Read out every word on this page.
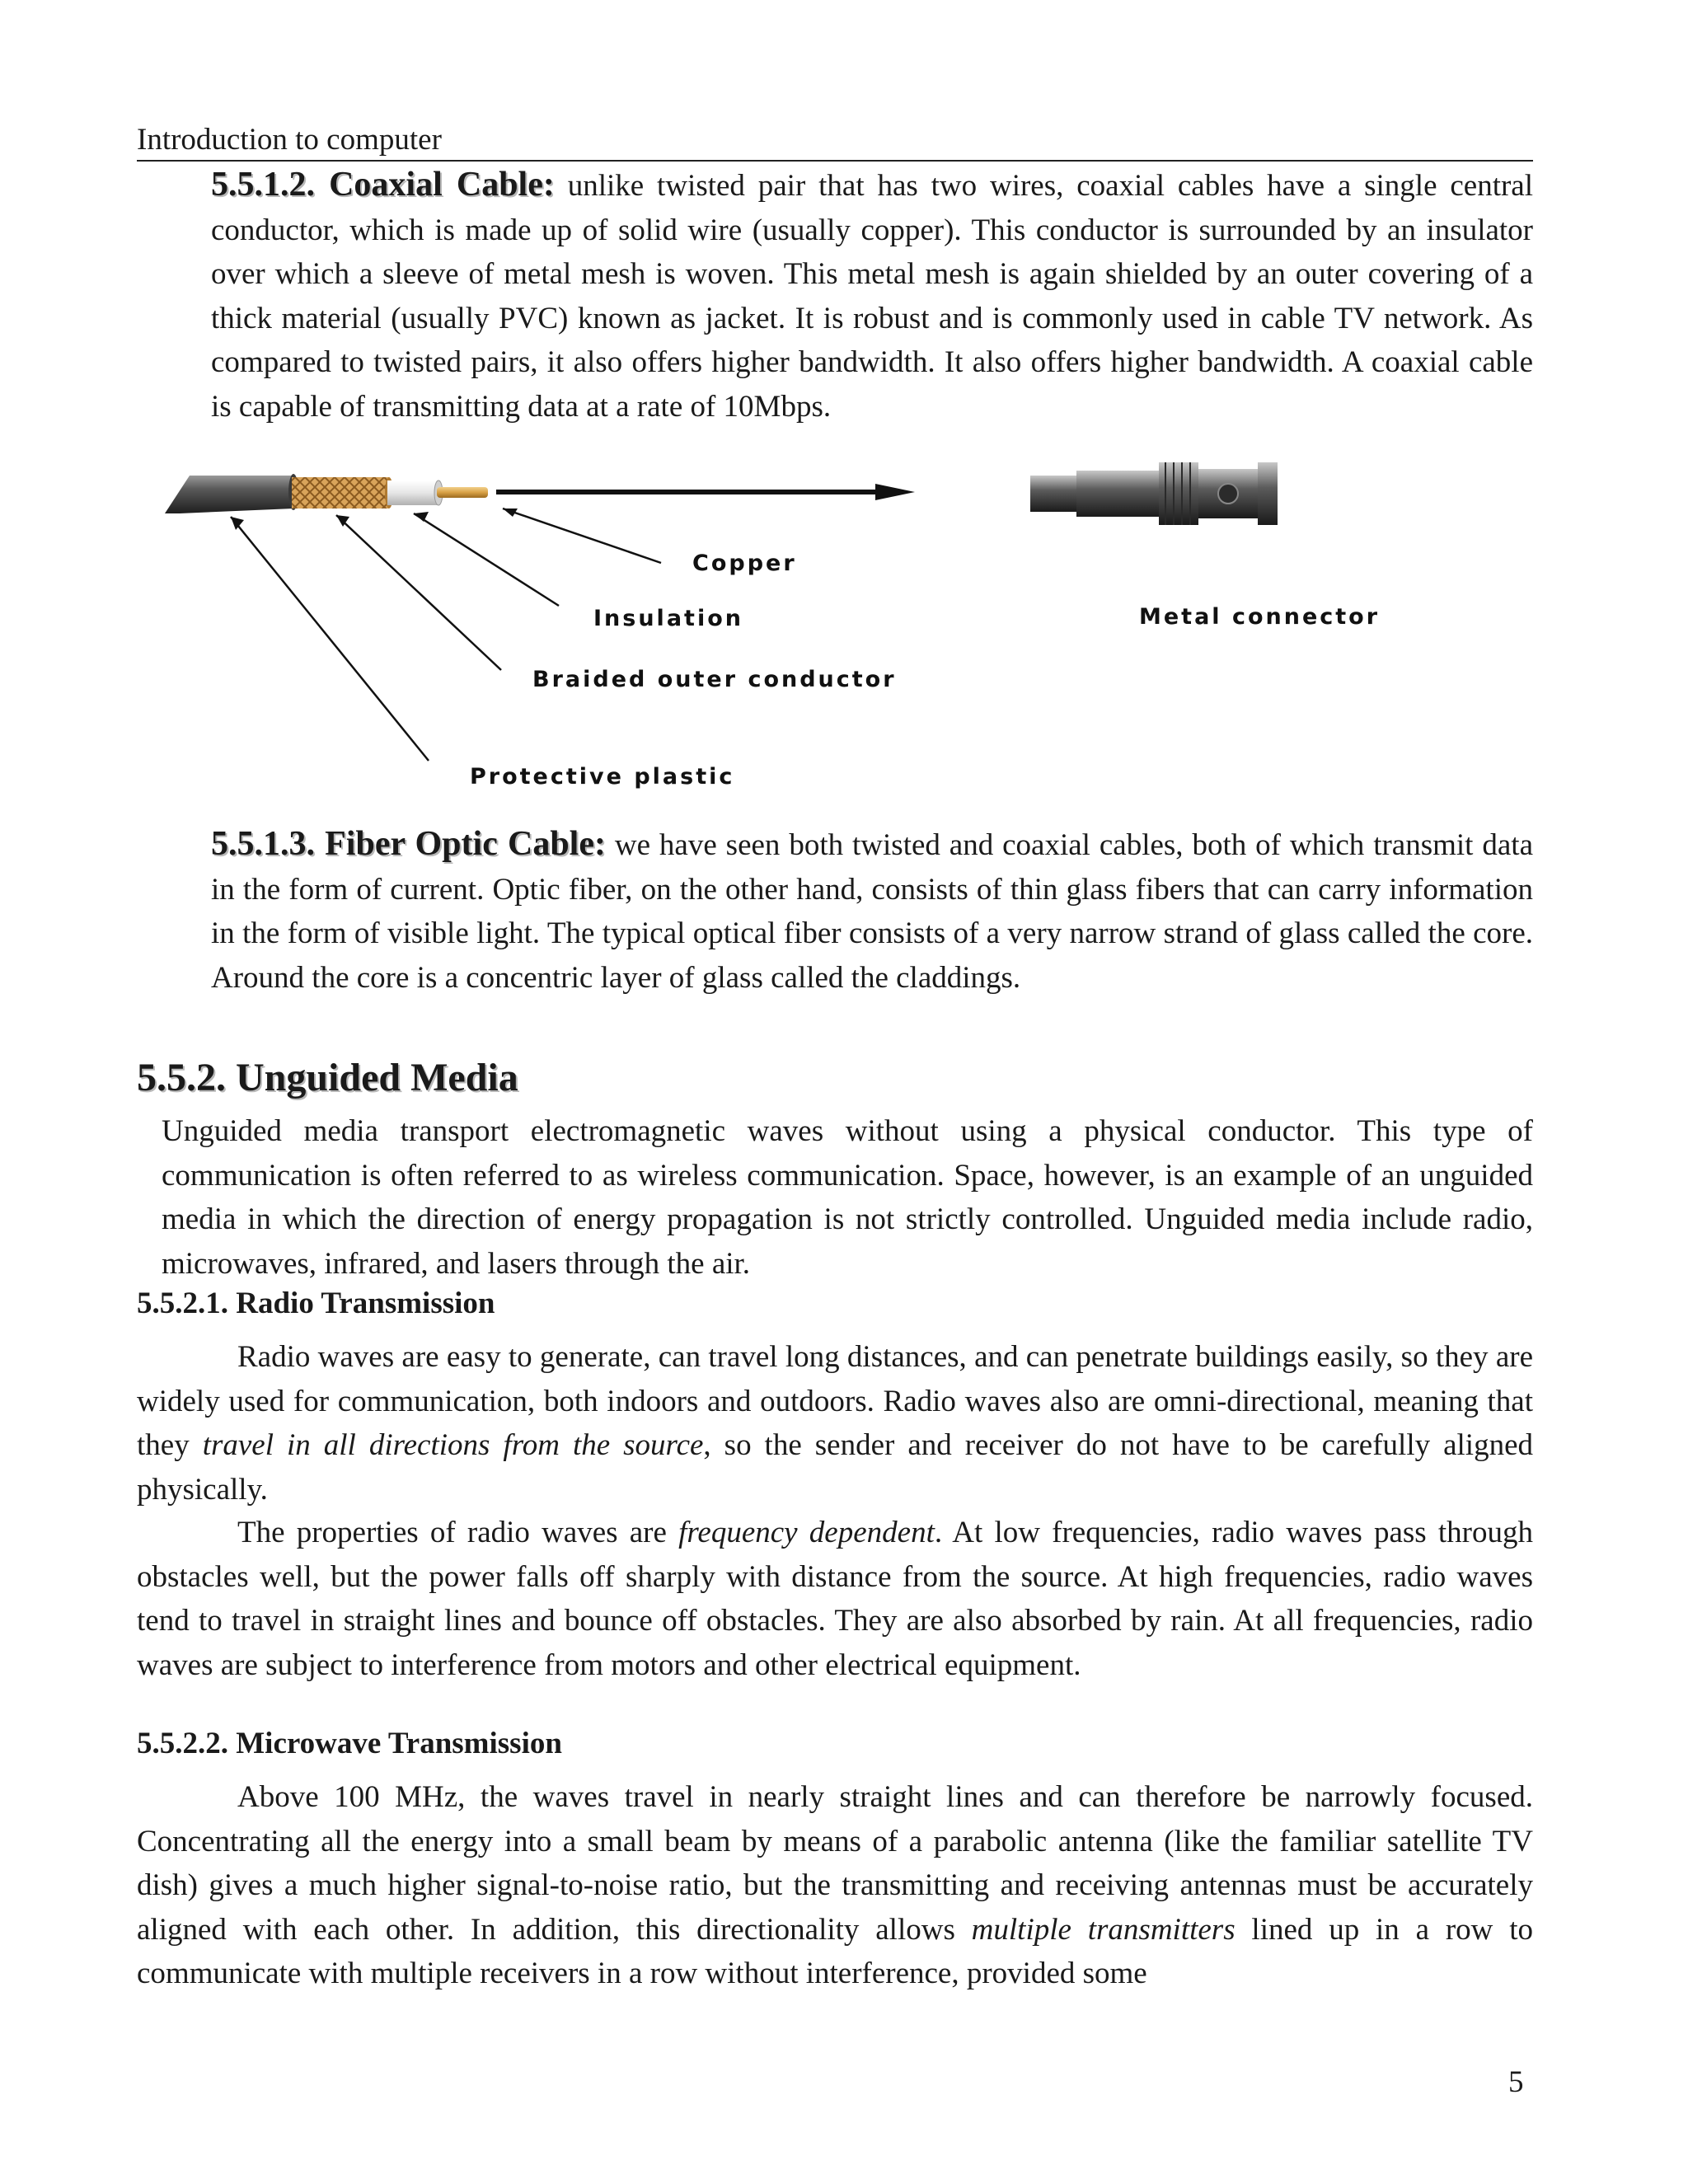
Introduction to computer
5.5.1.2. Coaxial Cable: unlike twisted pair that has two wires, coaxial cables have a single central conductor, which is made up of solid wire (usually copper). This conductor is surrounded by an insulator over which a sleeve of metal mesh is woven. This metal mesh is again shielded by an outer covering of a thick material (usually PVC) known as jacket. It is robust and is commonly used in cable TV network. As compared to twisted pairs, it also offers higher bandwidth. It also offers higher bandwidth. A coaxial cable is capable of transmitting data at a rate of 10Mbps.
Copper
Insulation
Braided outer conductor
Protective plastic
Metal connector
5.5.1.3. Fiber Optic Cable: we have seen both twisted and coaxial cables, both of which transmit data in the form of current. Optic fiber, on the other hand, consists of thin glass fibers that can carry information in the form of visible light. The typical optical fiber consists of a very narrow strand of glass called the core. Around the core is a concentric layer of glass called the claddings.
5.5.2. Unguided Media
Unguided media transport electromagnetic waves without using a physical conductor. This type of communication is often referred to as wireless communication. Space, however, is an example of an unguided media in which the direction of energy propagation is not strictly controlled. Unguided media include radio, microwaves, infrared, and lasers through the air.
5.5.2.1. Radio Transmission
Radio waves are easy to generate, can travel long distances, and can penetrate buildings easily, so they are widely used for communication, both indoors and outdoors. Radio waves also are omni-directional, meaning that they travel in all directions from the source, so the sender and receiver do not have to be carefully aligned physically.
The properties of radio waves are frequency dependent. At low frequencies, radio waves pass through obstacles well, but the power falls off sharply with distance from the source. At high frequencies, radio waves tend to travel in straight lines and bounce off obstacles. They are also absorbed by rain. At all frequencies, radio waves are subject to interference from motors and other electrical equipment.
5.5.2.2. Microwave Transmission
Above 100 MHz, the waves travel in nearly straight lines and can therefore be narrowly focused. Concentrating all the energy into a small beam by means of a parabolic antenna (like the familiar satellite TV dish) gives a much higher signal-to-noise ratio, but the transmitting and receiving antennas must be accurately aligned with each other. In addition, this directionality allows multiple transmitters lined up in a row to communicate with multiple receivers in a row without interference, provided some
5
